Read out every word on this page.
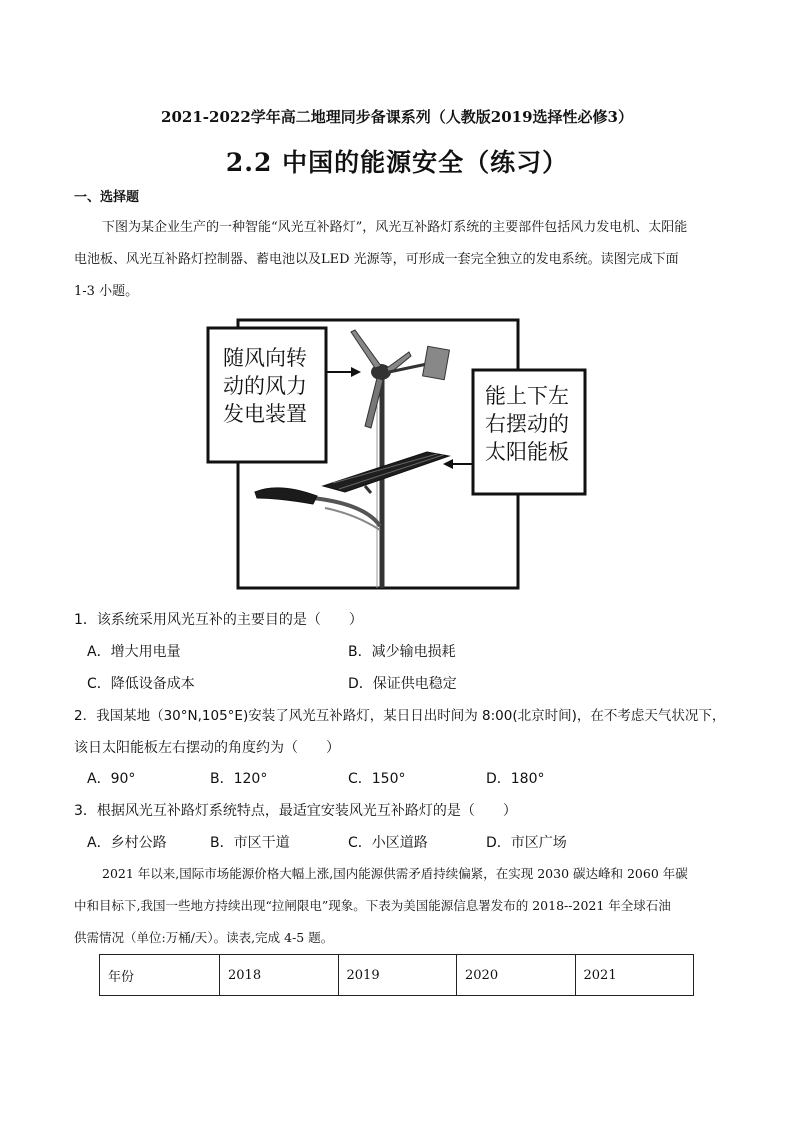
2021-2022学年高二地理同步备课系列（人教版2019选择性必修3）
2.2 中国的能源安全（练习）
一、选择题
下图为某企业生产的一种智能“风光互补路灯”，风光互补路灯系统的主要部件包括风力发电机、太阳能
电池板、风光互补路灯控制器、蓄电池以及LED 光源等，可形成一套完全独立的发电系统。读图完成下面
1-3 小题。
随风向转
动的风力
发电装置
能上下左
右摆动的
太阳能板
1．该系统采用风光互补的主要目的是（　　）
A．增大用电量	B．减少输电损耗
C．降低设备成本	D．保证供电稳定
2．我国某地（30°N,105°E)安装了风光互补路灯，某日日出时间为 8:00(北京时间)，在不考虑天气状况下，
该日太阳能板左右摆动的角度约为（　　）
A．90°	B．120°	C．150°	D．180°
3．根据风光互补路灯系统特点，最适宜安装风光互补路灯的是（　　）
A．乡村公路	B．市区干道	C．小区道路	D．市区广场
2021 年以来,国际市场能源价格大幅上涨,国内能源供需矛盾持续偏紧，在实现 2030 碳达峰和 2060 年碳
中和目标下,我国一些地方持续出现“拉闸限电”现象。下表为美国能源信息署发布的 2018--2021 年全球石油
供需情况（单位:万桶/天）。读表,完成 4-5 题。
年份	2018	2019	2020	2021
